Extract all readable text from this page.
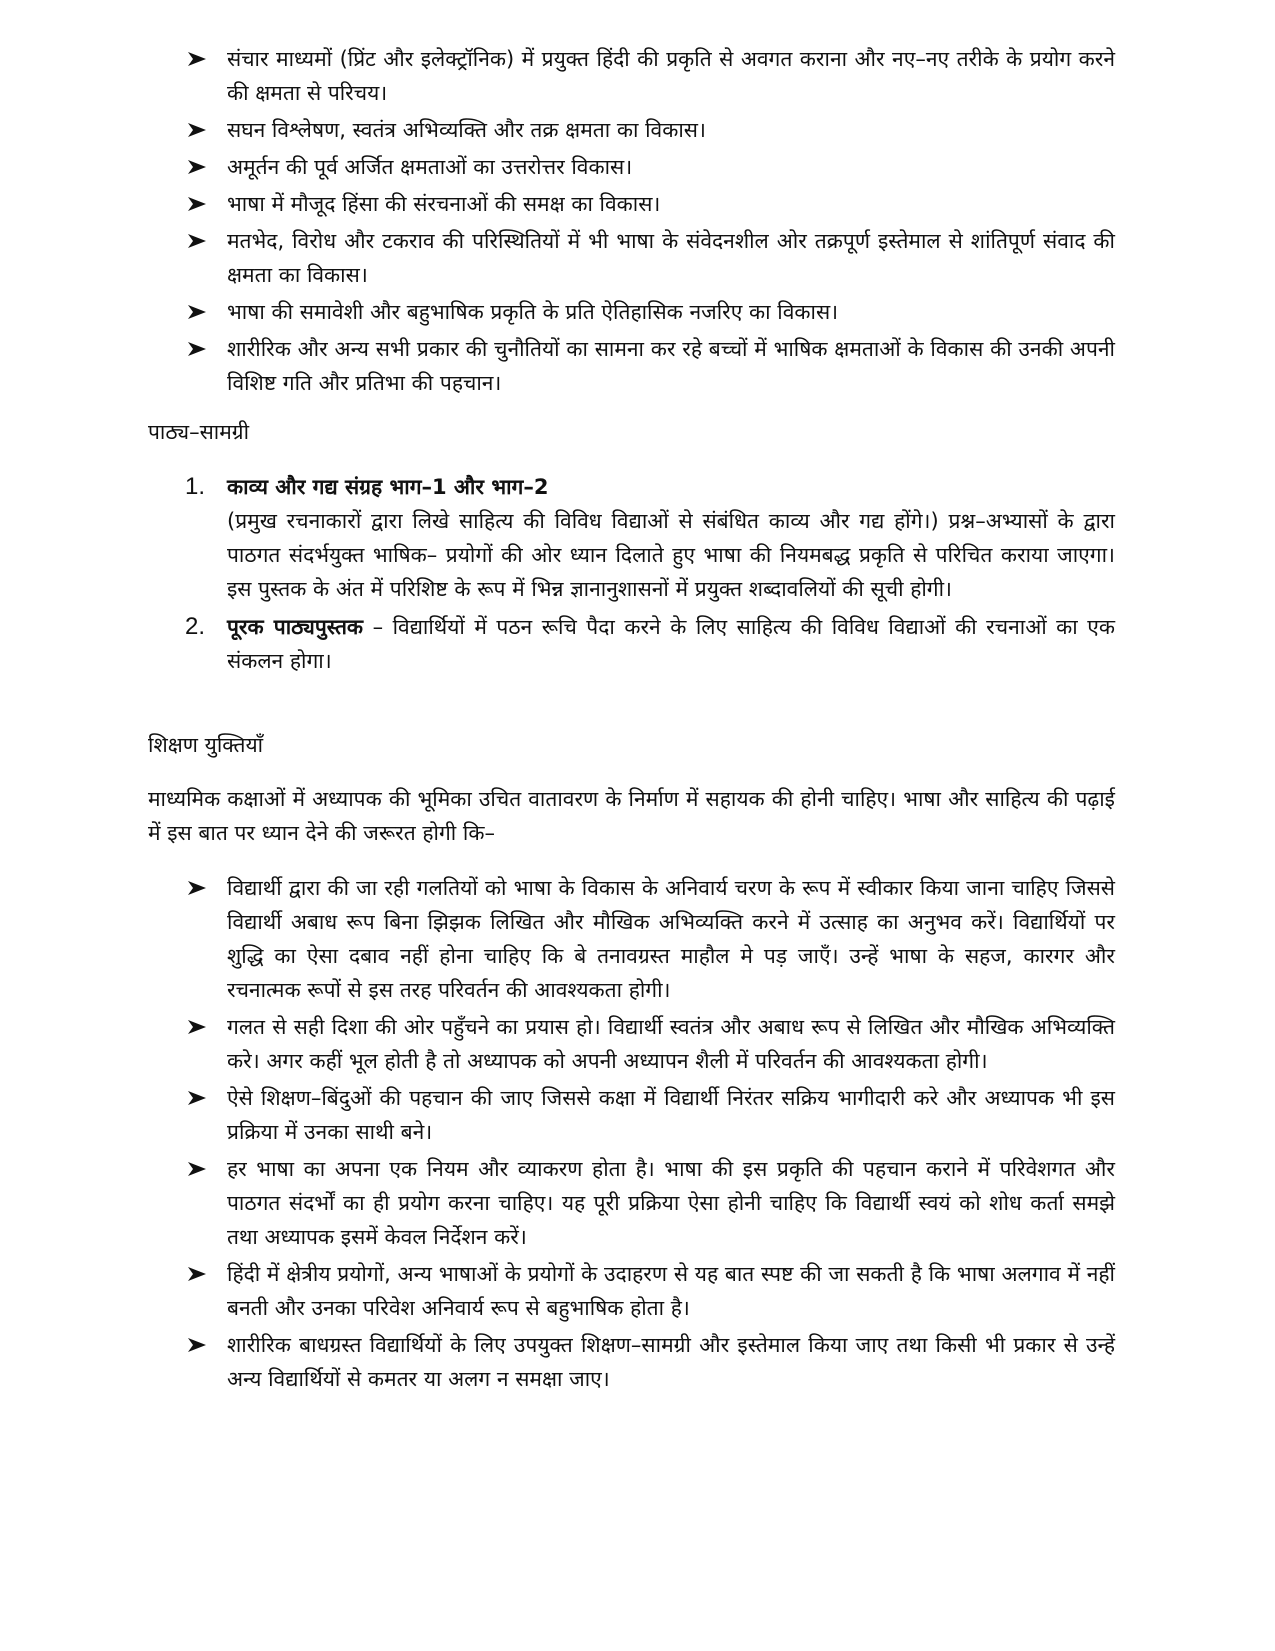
संचार माध्यमों (प्रिंट और इलेक्ट्रॉनिक) में प्रयुक्त हिंदी की प्रकृति से अवगत कराना और नए–नए तरीके के प्रयोग करने की क्षमता से परिचय।
सघन विश्लेषण, स्वतंत्र अभिव्यक्ति और तक्र क्षमता का विकास।
अमूर्तन की पूर्व अर्जित क्षमताओं का उत्तरोत्तर विकास।
भाषा में मौजूद हिंसा की संरचनाओं की समक्ष का विकास।
मतभेद, विरोध और टकराव की परिस्थितियों में भी भाषा के संवेदनशील ओर तक्रपूर्ण इस्तेमाल से शांतिपूर्ण संवाद की क्षमता का विकास।
भाषा की समावेशी और बहुभाषिक प्रकृति के प्रति ऐतिहासिक नजरिए का विकास।
शारीरिक और अन्य सभी प्रकार की चुनौतियों का सामना कर रहे बच्चों में भाषिक क्षमताओं के विकास की उनकी अपनी विशिष्ट गति और प्रतिभा की पहचान।
पाठ्य–सामग्री
1. काव्य और गद्य संग्रह भाग–1 और भाग–2
(प्रमुख रचनाकारों द्वारा लिखे साहित्य की विविध विद्याओं से संबंधित काव्य और गद्य होंगे।) प्रश्न–अभ्यासों के द्वारा पाठगत संदर्भयुक्त भाषिक– प्रयोगों की ओर ध्यान दिलाते हुए भाषा की नियमबद्ध प्रकृति से परिचित कराया जाएगा। इस पुस्तक के अंत में परिशिष्ट के रूप में भिन्न ज्ञानानुशासनों में प्रयुक्त शब्दावलियों की सूची होगी।
2. पूरक पाठ्यपुस्तक – विद्यार्थियों में पठन रूचि पैदा करने के लिए साहित्य की विविध विद्याओं की रचनाओं का एक संकलन होगा।
शिक्षण युक्तियाँ
माध्यमिक कक्षाओं में अध्यापक की भूमिका उचित वातावरण के निर्माण में सहायक की होनी चाहिए। भाषा और साहित्य की पढ़ाई में इस बात पर ध्यान देने की जरूरत होगी कि–
विद्यार्थी द्वारा की जा रही गलतियों को भाषा के विकास के अनिवार्य चरण के रूप में स्वीकार किया जाना चाहिए जिससे विद्यार्थी अबाध रूप बिना झिझक लिखित और मौखिक अभिव्यक्ति करने में उत्साह का अनुभव करें। विद्यार्थियों पर शुद्धि का ऐसा दबाव नहीं होना चाहिए कि बे तनावग्रस्त माहौल मे पड़ जाएँ। उन्हें भाषा के सहज, कारगर और रचनात्मक रूपों से इस तरह परिवर्तन की आवश्यकता होगी।
गलत से सही दिशा की ओर पहुँचने का प्रयास हो। विद्यार्थी स्वतंत्र और अबाध रूप से लिखित और मौखिक अभिव्यक्ति करे। अगर कहीं भूल होती है तो अध्यापक को अपनी अध्यापन शैली में परिवर्तन की आवश्यकता होगी।
ऐसे शिक्षण–बिंदुओं की पहचान की जाए जिससे कक्षा में विद्यार्थी निरंतर सक्रिय भागीदारी करे और अध्यापक भी इस प्रक्रिया में उनका साथी बने।
हर भाषा का अपना एक नियम और व्याकरण होता है। भाषा की इस प्रकृति की पहचान कराने में परिवेशगत और पाठगत संदर्भों का ही प्रयोग करना चाहिए। यह पूरी प्रक्रिया ऐसा होनी चाहिए कि विद्यार्थी स्वयं को शोध कर्ता समझे तथा अध्यापक इसमें केवल निर्देशन करें।
हिंदी में क्षेत्रीय प्रयोगों, अन्य भाषाओं के प्रयोगों के उदाहरण से यह बात स्पष्ट की जा सकती है कि भाषा अलगाव में नहीं बनती और उनका परिवेश अनिवार्य रूप से बहुभाषिक होता है।
शारीरिक बाधग्रस्त विद्यार्थियों के लिए उपयुक्त शिक्षण–सामग्री और इस्तेमाल किया जाए तथा किसी भी प्रकार से उन्हें अन्य विद्यार्थियों से कमतर या अलग न समक्षा जाए।
